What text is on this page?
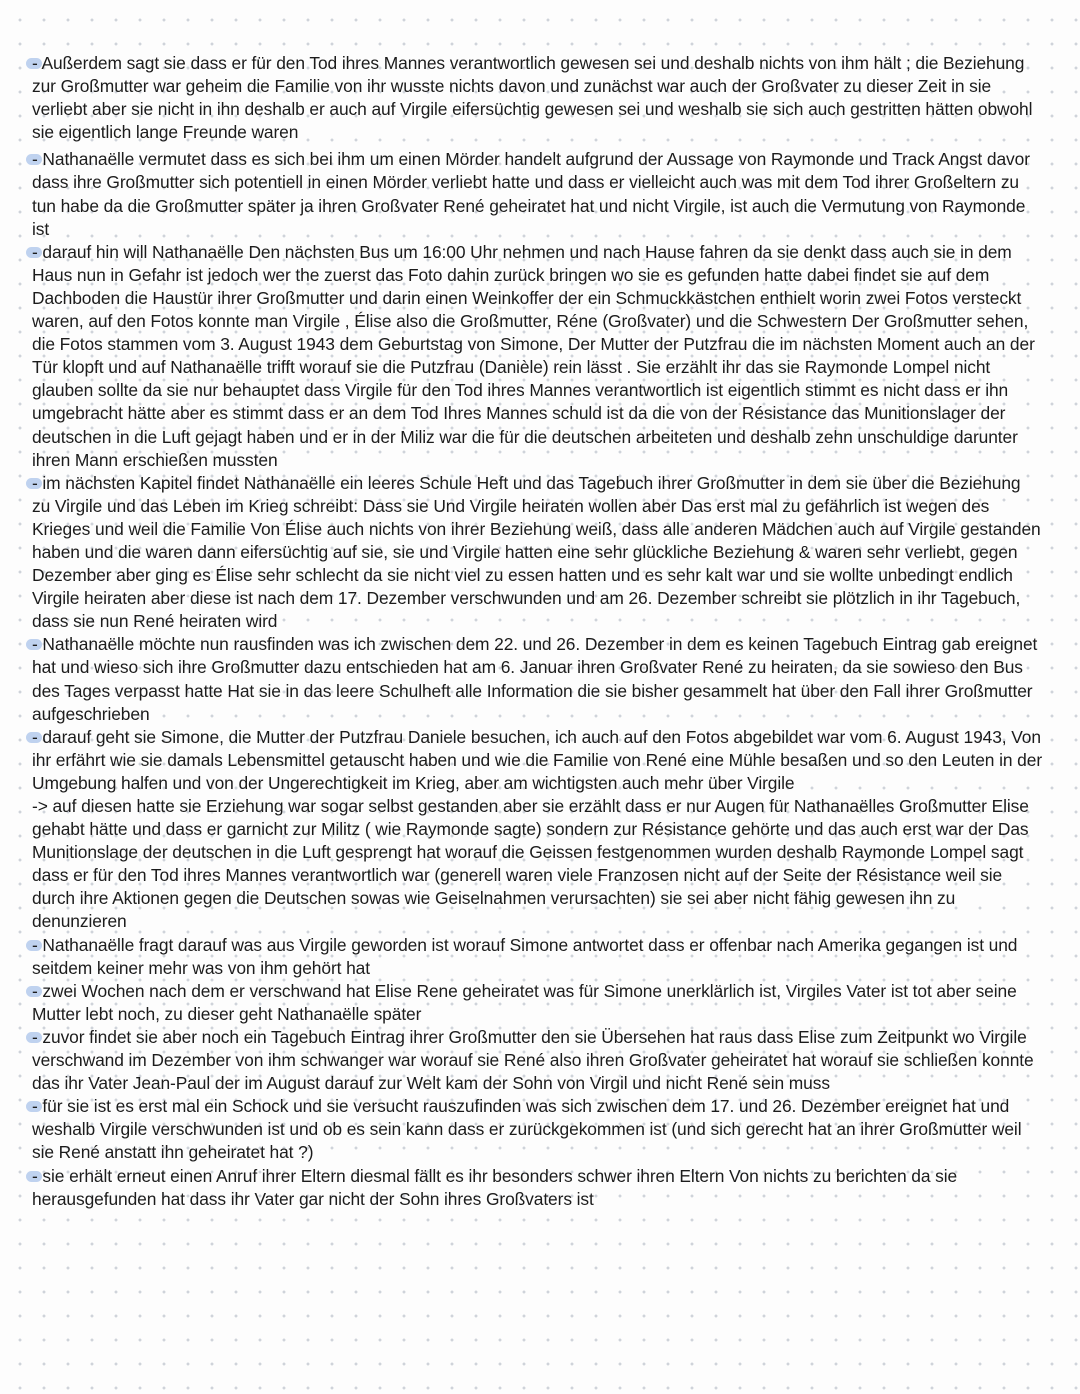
- Außerdem sagt sie dass er für den Tod ihres Mannes verantwortlich gewesen sei und deshalb nichts von ihm hält ; die Beziehung zur Großmutter war geheim die Familie von ihr wusste nichts davon und zunächst war auch der Großvater zu dieser Zeit in sie verliebt aber sie nicht in ihn deshalb er auch auf Virgile eifersüchtig gewesen sei und weshalb sie sich auch gestritten hätten obwohl sie eigentlich lange Freunde waren

- Nathanaëlle vermutet dass es sich bei ihm um einen Mörder handelt aufgrund der Aussage von Raymonde und Track Angst davor dass ihre Großmutter sich potentiell in einen Mörder verliebt hatte und dass er vielleicht auch was mit dem Tod ihrer Großeltern zu tun habe da die Großmutter später ja ihren Großvater René geheiratet hat und nicht Virgile, ist auch die Vermutung von Raymonde ist

- darauf hin will Nathanaëlle Den nächsten Bus um 16:00 Uhr nehmen und nach Hause fahren da sie denkt dass auch sie in dem Haus nun in Gefahr ist jedoch wer the zuerst das Foto dahin zurück bringen wo sie es gefunden hatte dabei findet sie auf dem Dachboden die Haustür ihrer Großmutter und darin einen Weinkoffer der ein Schmuckkästchen enthielt worin zwei Fotos versteckt waren, auf den Fotos konnte man Virgile , Élise also die Großmutter, Réne (Großvater) und die Schwestern Der Großmutter sehen, die Fotos stammen vom 3. August 1943 dem Geburtstag von Simone, Der Mutter der Putzfrau die im nächsten Moment auch an der Tür klopft und auf Nathanaëlle trifft worauf sie die Putzfrau (Danièle) rein lässt . Sie erzählt ihr das sie Raymonde Lompel nicht glauben sollte da sie nur behauptet dass Virgile für den Tod ihres Mannes verantwortlich ist eigentlich stimmt es nicht dass er ihn umgebracht hätte aber es stimmt dass er an dem Tod Ihres Mannes schuld ist da die von der Résistance das Munitionslager der deutschen in die Luft gejagt haben und er in der Miliz war die für die deutschen arbeiteten und deshalb zehn unschuldige darunter ihren Mann erschießen mussten

- im nächsten Kapitel findet Nathanaëlle ein leeres Schule Heft und das Tagebuch ihrer Großmutter in dem sie über die Beziehung zu Virgile und das Leben im Krieg schreibt: Dass sie Und Virgile heiraten wollen aber Das erst mal zu gefährlich ist wegen des Krieges und weil die Familie Von Élise auch nichts von ihrer Beziehung weiß, dass alle anderen Mädchen auch auf Virgile gestanden haben und die waren dann eifersüchtig auf sie, sie und Virgile hatten eine sehr glückliche Beziehung & waren sehr verliebt, gegen Dezember aber ging es Élise sehr schlecht da sie nicht viel zu essen hatten und es sehr kalt war und sie wollte unbedingt endlich Virgile heiraten aber diese ist nach dem 17. Dezember verschwunden und am 26. Dezember schreibt sie plötzlich in ihr Tagebuch, dass sie nun René heiraten wird

- Nathanaëlle möchte nun rausfinden was ich zwischen dem 22. und 26. Dezember in dem es keinen Tagebuch Eintrag gab ereignet hat und wieso sich ihre Großmutter dazu entschieden hat am 6. Januar ihren Großvater René zu heiraten, da sie sowieso den Bus des Tages verpasst hatte Hat sie in das leere Schulheft alle Information die sie bisher gesammelt hat über den Fall ihrer Großmutter aufgeschrieben

- darauf geht sie Simone, die Mutter der Putzfrau Daniele besuchen, ich auch auf den Fotos abgebildet war vom 6. August 1943, Von ihr erfährt wie sie damals Lebensmittel getauscht haben und wie die Familie von René eine Mühle besaßen und so den Leuten in der Umgebung halfen und von der Ungerechtigkeit im Krieg, aber am wichtigsten auch mehr über Virgile

-> auf diesen hatte sie Erziehung war sogar selbst gestanden aber sie erzählt dass er nur Augen für Nathanaëlles Großmutter Elise gehabt hätte und dass er garnicht zur Militz ( wie Raymonde sagte) sondern zur Résistance gehörte und das auch erst war der Das Munitionslage der deutschen in die Luft gesprengt hat worauf die Geissen festgenommen wurden deshalb Raymonde Lompel sagt dass er für den Tod ihres Mannes verantwortlich war (generell waren viele Franzosen nicht auf der Seite der Résistance weil sie durch ihre Aktionen gegen die Deutschen sowas wie Geiselnahmen verursachten) sie sei aber nicht fähig gewesen ihn zu denunzieren

- Nathanaëlle fragt darauf was aus Virgile geworden ist worauf Simone antwortet dass er offenbar nach Amerika gegangen ist und seitdem keiner mehr was von ihm gehört hat

- zwei Wochen nach dem er verschwand hat Elise Rene geheiratet was für Simone unerklärlich ist, Virgiles Vater ist tot aber seine Mutter lebt noch, zu dieser geht Nathanaëlle später

- zuvor findet sie aber noch ein Tagebuch Eintrag ihrer Großmutter den sie Übersehen hat raus dass Elise zum Zeitpunkt wo Virgile verschwand im Dezember von ihm schwanger war worauf sie René also ihren Großvater geheiratet hat worauf sie schließen konnte das ihr Vater Jean-Paul der im August darauf zur Welt kam der Sohn von Virgil und nicht René sein muss

- für sie ist es erst mal ein Schock und sie versucht rauszufinden was sich zwischen dem 17. und 26. Dezember ereignet hat und weshalb Virgile verschwunden ist und ob es sein kann dass er zurückgekommen ist (und sich gerecht hat an ihrer Großmutter weil sie René anstatt ihn geheiratet hat ?)

- sie erhält erneut einen Anruf ihrer Eltern diesmal fällt es ihr besonders schwer ihren Eltern Von nichts zu berichten da sie herausgefunden hat dass ihr Vater gar nicht der Sohn ihres Großvaters ist
